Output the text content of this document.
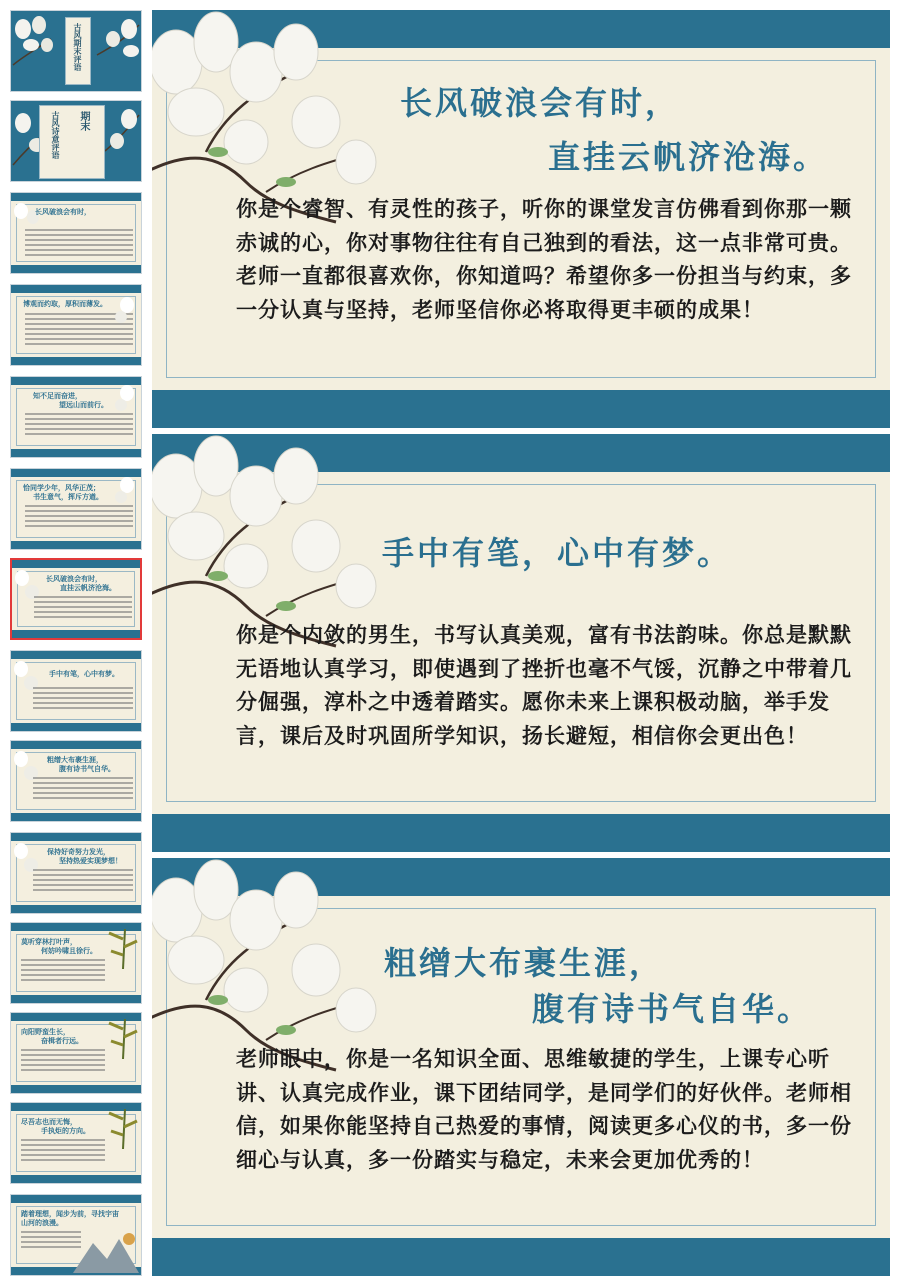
古风期末评语
古风诗意评语 期末
长风破浪会有时，
博观而约取，厚积而薄发。
知不足而奋进，
望远山而前行。
恰同学少年，风华正茂；
书生意气，挥斥方遒。
长风破浪会有时，
直挂云帆济沧海。
手中有笔，心中有梦。
粗缯大布裹生涯，
腹有诗书气自华。
保持好奇努力发光，
坚持热爱实现梦想！
莫听穿林打叶声，
何妨吟啸且徐行。
向阳野蛮生长，
奋楫者行远。
尽吾志也而无悔，
手执炬的方向。
踏着理想，闻步为前，寻找宇宙
山河的浪漫。
长风破浪会有时，
直挂云帆济沧海。
你是个睿智、有灵性的孩子，听你的课堂发言仿佛看到你那一颗赤诚的心，你对事物往往有自己独到的看法，这一点非常可贵。老师一直都很喜欢你，你知道吗？希望你多一份担当与约束，多一分认真与坚持，老师坚信你必将取得更丰硕的成果！
手中有笔，心中有梦。
你是个内敛的男生，书写认真美观，富有书法韵味。你总是默默无语地认真学习，即使遇到了挫折也毫不气馁，沉静之中带着几分倔强，淳朴之中透着踏实。愿你未来上课积极动脑，举手发言，课后及时巩固所学知识，扬长避短，相信你会更出色！
粗缯大布裹生涯，
腹有诗书气自华。
老师眼中，你是一名知识全面、思维敏捷的学生，上课专心听讲、认真完成作业，课下团结同学，是同学们的好伙伴。老师相信，如果你能坚持自己热爱的事情，阅读更多心仪的书，多一份细心与认真，多一份踏实与稳定，未来会更加优秀的！
